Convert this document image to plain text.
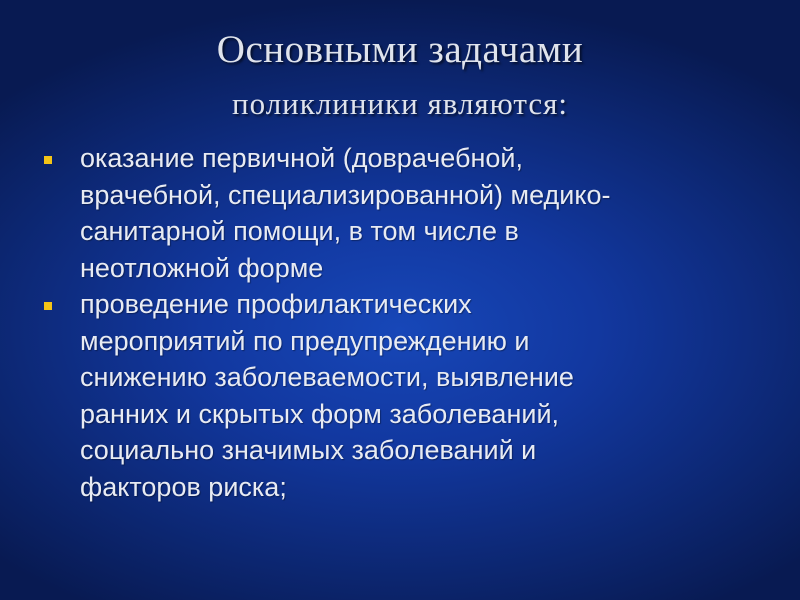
Основными задачами
поликлиники являются:
оказание первичной (доврачебной,
врачебной, специализированной) медико-
санитарной помощи, в том числе в
неотложной форме
проведение профилактических
мероприятий по предупреждению и
снижению заболеваемости, выявление
ранних и скрытых форм заболеваний,
социально значимых заболеваний и
факторов риска;
